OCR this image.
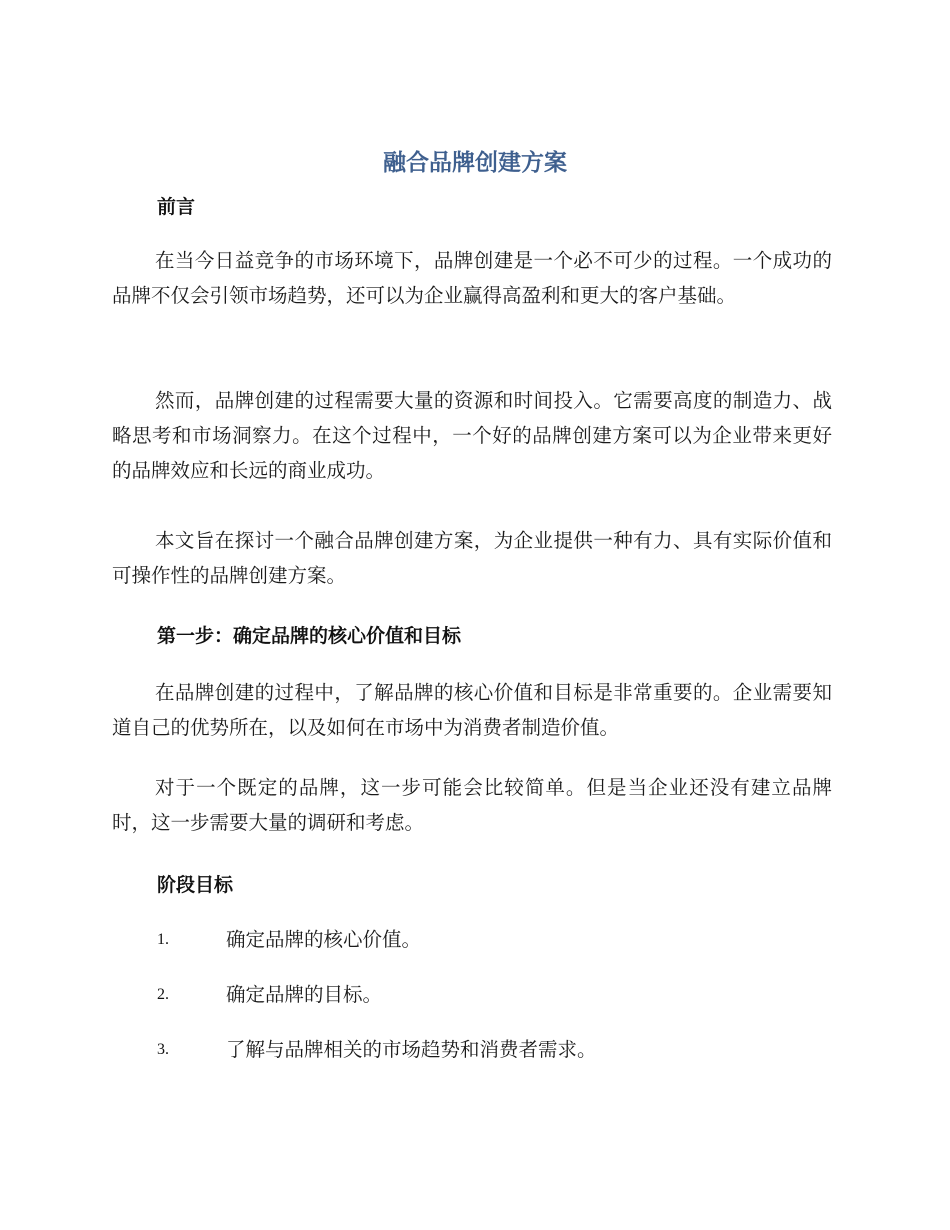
融合品牌创建方案
前言

在当今日益竞争的市场环境下，品牌创建是一个必不可少的过程。一个成功的品牌不仅会引领市场趋势，还可以为企业赢得高盈利和更大的客户基础。

然而，品牌创建的过程需要大量的资源和时间投入。它需要高度的制造力、战略思考和市场洞察力。在这个过程中，一个好的品牌创建方案可以为企业带来更好的品牌效应和长远的商业成功。

本文旨在探讨一个融合品牌创建方案，为企业提供一种有力、具有实际价值和可操作性的品牌创建方案。

第一步：确定品牌的核心价值和目标

在品牌创建的过程中，了解品牌的核心价值和目标是非常重要的。企业需要知道自己的优势所在，以及如何在市场中为消费者制造价值。

对于一个既定的品牌，这一步可能会比较简单。但是当企业还没有建立品牌时，这一步需要大量的调研和考虑。

阶段目标
1.	确定品牌的核心价值。
2.	确定品牌的目标。
3.	了解与品牌相关的市场趋势和消费者需求。
